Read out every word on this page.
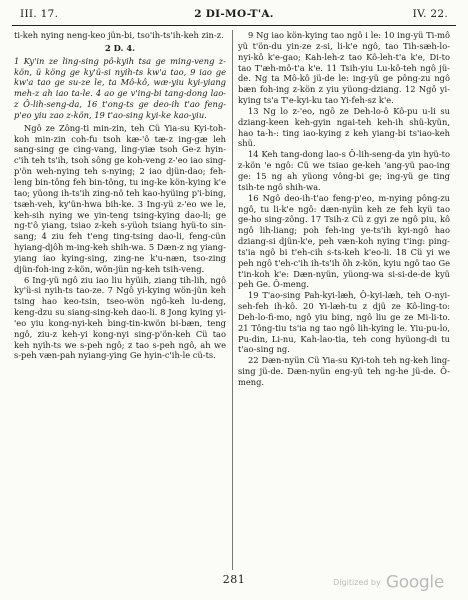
III. 17.	2 DI-MO-T'A.	IV. 22.

ti-keh nying neng-keo jün-bi, tso'ih-ts'ih-keh zin-z.

2 D. 4.

1 Ky'in ze ling-sing pô-kyih tsa ge ming-veng z-kön, ü köng ge ky'ü-si nyih-ts kw'a tao, 9 iao ge kw'a tao ge su-ze le, ta Mô-kô, wæ-yiu kyi-yiang meh-z ah iao ta-le. 4 ao ge v'ing-bi tang-dong lao-z Ô-lih-seng-da, 16 t'ong-ts ge deo-ih t'ao feng-p'eo yiu zao z-kön, 19 t'ao-sing kyi-ke kao-yiu.

Ngô ze Zông-ti min-zin, teh Cü Yia-su Kyi-toh-koh min-zin coh-fu tsoh kæ-'ô tæ-z ing-gæ leh sang-sing ge cing-vang, ling-yiæ tsoh Ge-z hyin-c'ih teh ts'ih, tsoh sông ge koh-veng z-'eo iao sing-p'ön weh-nying teh s-nying; 2 iao djün-dao; feh-leng bin-tông feh bin-tông, tu ing-ke kön-kying k'e tao; yüong ih-ts'ih zing-nô teh kao-hyüing p'i-bing, tsæh-veh, ky'ün-hwa bih-ke. 3 Ing-yü z-'eo we le, keh-sih nying we yin-teng tsing-kying dao-li; ge ng-t'ô yiang, tsiao z-keh s-yüoh tsiang hyü-to sin-sang; 4 ziu feh t'eng ting-tsing dao-li, feng-cün hyiang-djôh m-ing-keh shih-wa. 5 Dæn-z ng yiang-yiang iao kying-sing, zing-ne k'u-næn, tso-zing djün-foh-ing z-kön, wön-jün ng-keh tsih-veng.

6 Ing-yü ngô ziu iao liu hyüih, ziang tih-lih, ngô ky'ü-si nyih-ts tao-ze. 7 Ngô yi-kying wön-jün keh tsing hao keo-tsin, tseo-wön ngô-keh lu-deng, keng-dzu su siang-sing-keh dao-li. 8 Jong kying yi-'eo yiu kong-nyi-keh bing-tin-kwön bi-bæn, teng ngô, ziu-z keh-yi kong-nyi sing-p'ön-keh Cü tao keh nyih-ts we s-peh ngô; z tao s-peh ngô, ah we s-peh væn-pah nyiang-ying Ge hyin-c'ih-le cü-ts.

9 Ng iao kön-kying tao ngô i le: 10 ing-yü Ti-mô yü t'ön-du yin-ze z-si, li-k'e ngô, tao Tih-sæh-lo-nyi-kô k'e-gao; Kah-leh-z tao Kô-leh-t'a k'e, Di-to tao T'æh-mô-t'a k'e. 11 Tsih-yiu Lu-kô-teh ngô jü-de. Ng ta Mô-kô jü-de le: ing-yü ge pông-zu ngô bæn foh-ing z-kön z yiu yüong-dziang. 12 Ngô yi-kying ts'a T'e-kyi-ku tao Yi-feh-sz k'e.

13 Ng lo z-'eo, ngô ze Deh-lo-ô Kô-pu u-li su dziang-keen keh-gyin ngai-teh keh-ih shü-kyün, hao ta-h-: ting iao-kying z keh yiang-bi ts'iao-keh shü.

14 Keh tang-dong lao-s Ô-lih-seng-da yin hyü-to z-kön 'e ngô: Cü we tsiao ge-keh 'ang-yü pao-ing ge: 15 ng ah yüong vông-bi ge; ing-yü ge ting tsih-te ngô shih-wa.

16 Ngô deo-ih-t'ao feng-p'eo, m-nying pông-zu ngô, tu li-k'e ngô: dæn-nyün keh ze feh kyü tao ge-ho sing-zông. 17 Tsih-z Cü z gyi ze ngô piu, kô ngô lih-liang; poh feh-ing ye-ts'ih kyi-ngô hao dziang-si djün-k'e, peh væn-koh nying t'ing: ping-ts'ia ngô bi t'eh-cih s-ts-keh k'eo-li. 18 Cü yi we peh ngô t'eh-c'ih ih-ts'ih ôh z-kön, kyiu ngô tao Ge t'in-koh k'e: Dæn-nyün, yüong-wa si-si-de-de kyü peh Ge. Ô-meng.

19 T'ao-sing Pah-kyi-læh, Ô-kyi-læh, teh O-nyi-seh-feh ih-kô. 20 Yi-læh-tu z djü ze Kô-ling-to: Deh-lo-fi-mo, ngô yiu bing, ngô liu ge ze Mi-li-to. 21 Tông-tiu ts'ia ng tao ngô lih-kying le. Yiu-pu-lo, Pu-din, Li-nu, Kah-lao-tia, teh cong hyüong-di tu t'ao-sing ng.

22 Dæn-nyün Cü Yia-su Kyi-toh teh ng-keh ling-sing jü-de. Dæn-nyün eng-yü teh ng-he jü-de. Ô-meng.

281	Digitized by Google
